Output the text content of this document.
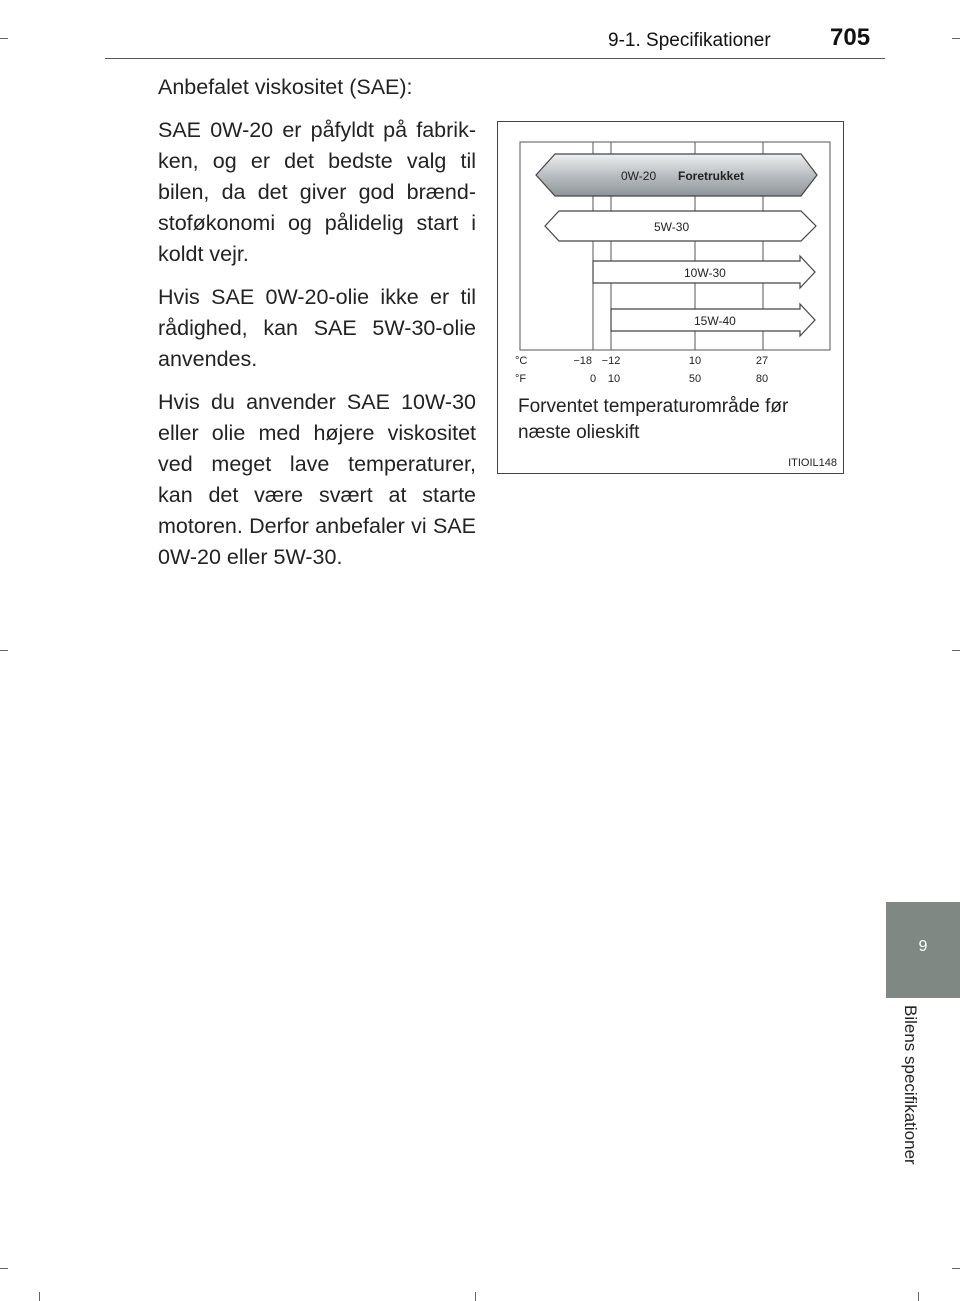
9-1. Specifikationer 705

Anbefalet viskositet (SAE):

SAE 0W-20 er påfyldt på fabrikken, og er det bedste valg til bilen, da det giver god brændstoføkonomi og pålidelig start i koldt vejr.

Hvis SAE 0W-20-olie ikke er til rådighed, kan SAE 5W-30-olie anvendes.

Hvis du anvender SAE 10W-30 eller olie med højere viskositet ved meget lave temperaturer, kan det være svært at starte motoren. Derfor anbefaler vi SAE 0W-20 eller 5W-30.

0W-20 Foretrukket
5W-30
10W-30
15W-40
°C
°F
−18 −12	10	27
0 10	50	80
Forventet temperaturområde før næste olieskift
ITIOIL148
9
Bilens specifikationer
